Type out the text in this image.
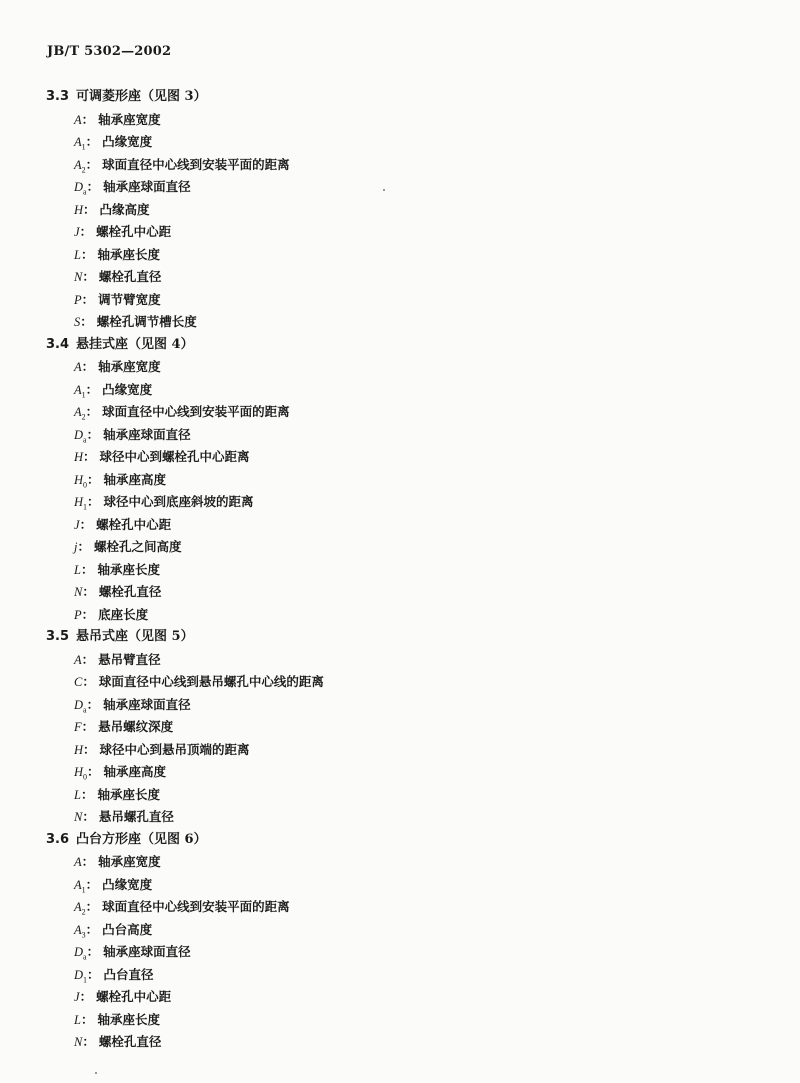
JB/T 5302—2002
3.3 可调菱形座（见图 3）
A： 轴承座宽度
$A_1$： 凸缘宽度
$A_2$： 球面直径中心线到安装平面的距离
$D_a$： 轴承座球面直径
H： 凸缘高度
J： 螺栓孔中心距
L： 轴承座长度
N： 螺栓孔直径
P： 调节臂宽度
S： 螺栓孔调节槽长度
3.4 悬挂式座（见图 4）
A： 轴承座宽度
$A_1$： 凸缘宽度
$A_2$： 球面直径中心线到安装平面的距离
$D_a$： 轴承座球面直径
H： 球径中心到螺栓孔中心距离
$H_0$： 轴承座高度
$H_1$： 球径中心到底座斜坡的距离
J： 螺栓孔中心距
j： 螺栓孔之间高度
L： 轴承座长度
N： 螺栓孔直径
P： 底座长度
3.5 悬吊式座（见图 5）
A： 悬吊臂直径
C： 球面直径中心线到悬吊螺孔中心线的距离
$D_a$： 轴承座球面直径
F： 悬吊螺纹深度
H： 球径中心到悬吊顶端的距离
$H_0$： 轴承座高度
L： 轴承座长度
N： 悬吊螺孔直径
3.6 凸台方形座（见图 6）
A： 轴承座宽度
$A_1$： 凸缘宽度
$A_2$： 球面直径中心线到安装平面的距离
$A_3$： 凸台高度
$D_a$： 轴承座球面直径
$D_1$： 凸台直径
J： 螺栓孔中心距
L： 轴承座长度
N： 螺栓孔直径
